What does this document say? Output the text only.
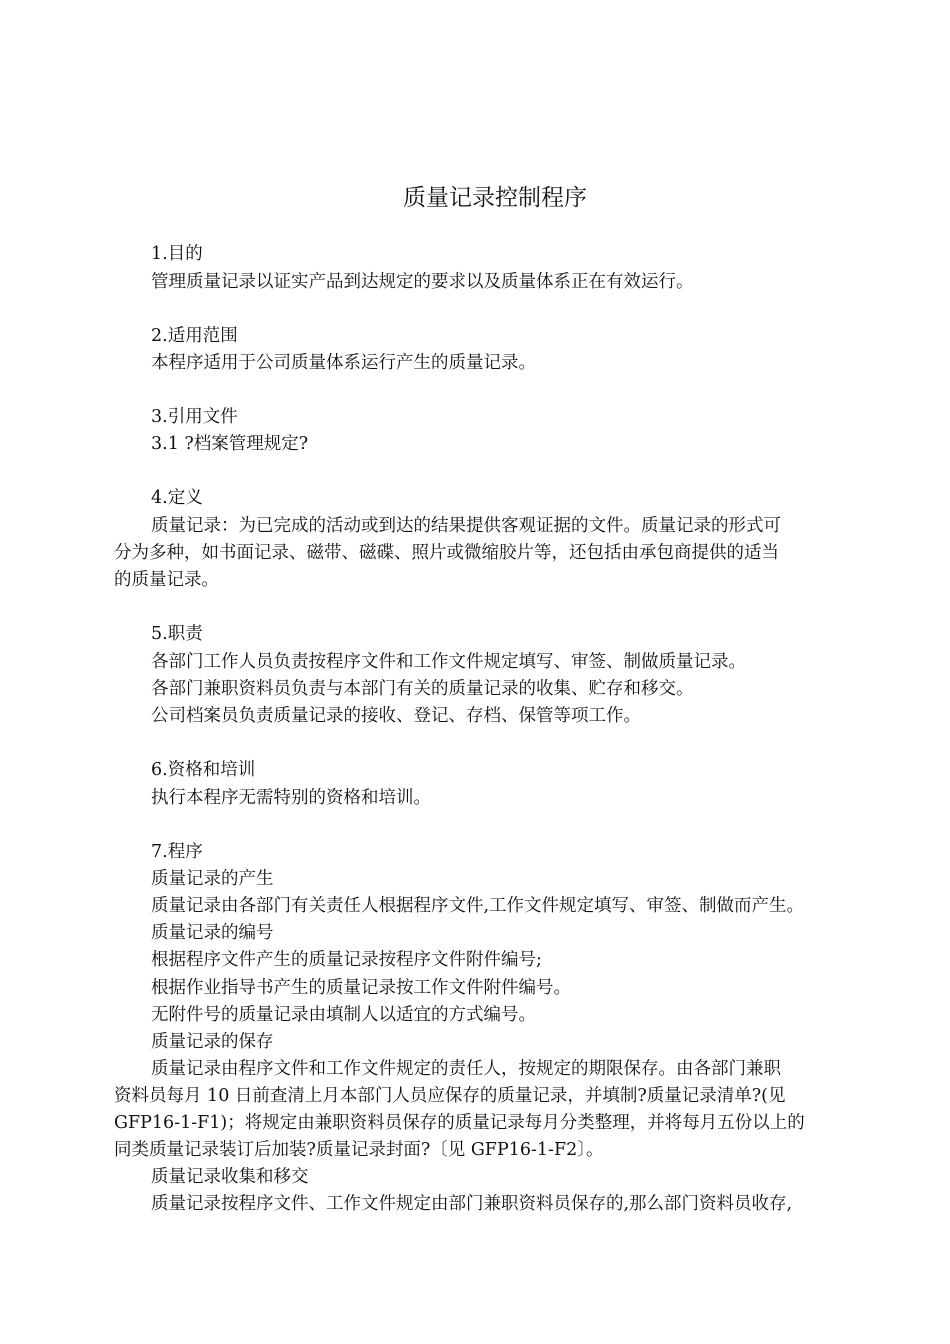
质量记录控制程序
1.目的
管理质量记录以证实产品到达规定的要求以及质量体系正在有效运行。
2.适用范围
本程序适用于公司质量体系运行产生的质量记录。
3.引用文件
3.1 ?档案管理规定?
4.定义
质量记录：为已完成的活动或到达的结果提供客观证据的文件。质量记录的形式可
分为多种，如书面记录、磁带、磁碟、照片或微缩胶片等，还包括由承包商提供的适当
的质量记录。
5.职责
各部门工作人员负责按程序文件和工作文件规定填写、审签、制做质量记录。
各部门兼职资料员负责与本部门有关的质量记录的收集、贮存和移交。
公司档案员负责质量记录的接收、登记、存档、保管等项工作。
6.资格和培训
执行本程序无需特别的资格和培训。
7.程序
质量记录的产生
质量记录由各部门有关责任人根据程序文件,工作文件规定填写、审签、制做而产生。
质量记录的编号
根据程序文件产生的质量记录按程序文件附件编号;
根据作业指导书产生的质量记录按工作文件附件编号。
无附件号的质量记录由填制人以适宜的方式编号。
质量记录的保存
质量记录由程序文件和工作文件规定的责任人，按规定的期限保存。由各部门兼职
资料员每月 10 日前查清上月本部门人员应保存的质量记录，并填制?质量记录清单?(见
GFP16-1-F1)；将规定由兼职资料员保存的质量记录每月分类整理，并将每月五份以上的
同类质量记录装订后加装?质量记录封面?〔见 GFP16-1-F2〕。
质量记录收集和移交
质量记录按程序文件、工作文件规定由部门兼职资料员保存的,那么部门资料员收存,
